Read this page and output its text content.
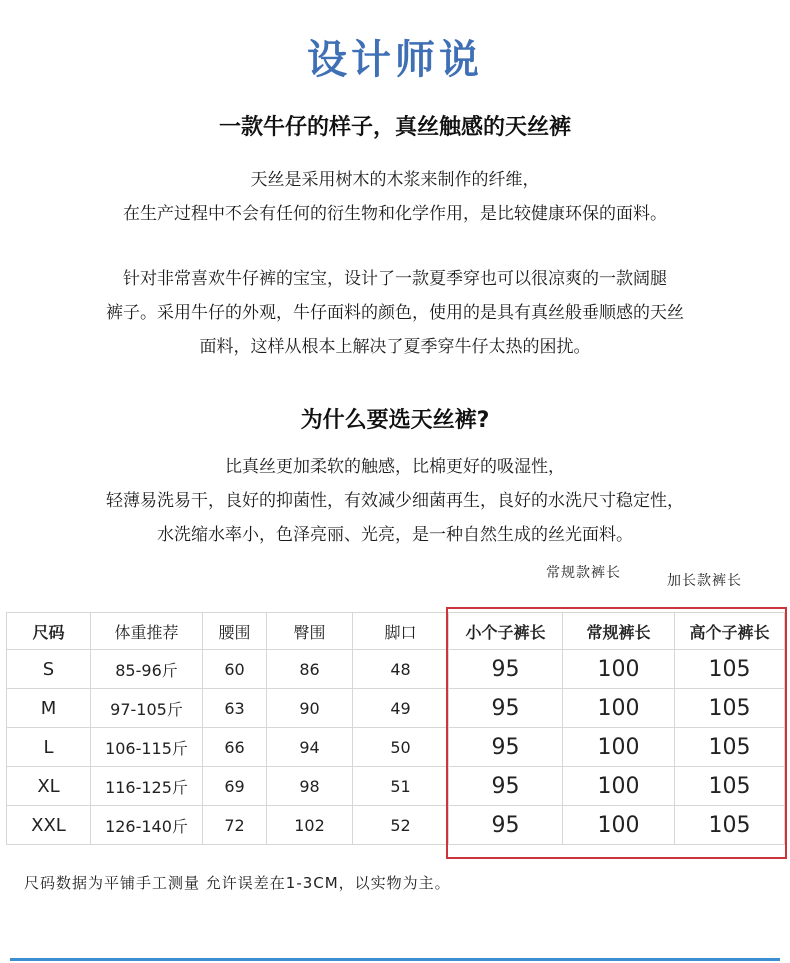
设计师说
一款牛仔的样子，真丝触感的天丝裤
天丝是采用树木的木浆来制作的纤维，
在生产过程中不会有任何的衍生物和化学作用，是比较健康环保的面料。
针对非常喜欢牛仔裤的宝宝，设计了一款夏季穿也可以很凉爽的一款阔腿
裤子。采用牛仔的外观，牛仔面料的颜色，使用的是具有真丝般垂顺感的天丝
面料，这样从根本上解决了夏季穿牛仔太热的困扰。
为什么要选天丝裤?
比真丝更加柔软的触感，比棉更好的吸湿性，
轻薄易洗易干，良好的抑菌性，有效减少细菌再生，良好的水洗尺寸稳定性，
水洗缩水率小，色泽亮丽、光亮，是一种自然生成的丝光面料。
常规款裤长	加长款裤长
尺码	体重推荐	腰围	臀围	脚口	小个子裤长	常规裤长	高个子裤长
S	85-96斤	60	86	48	95	100	105
M	97-105斤	63	90	49	95	100	105
L	106-115斤	66	94	50	95	100	105
XL	116-125斤	69	98	51	95	100	105
XXL	126-140斤	72	102	52	95	100	105
尺码数据为平铺手工测量 允许误差在1-3CM，以实物为主。
